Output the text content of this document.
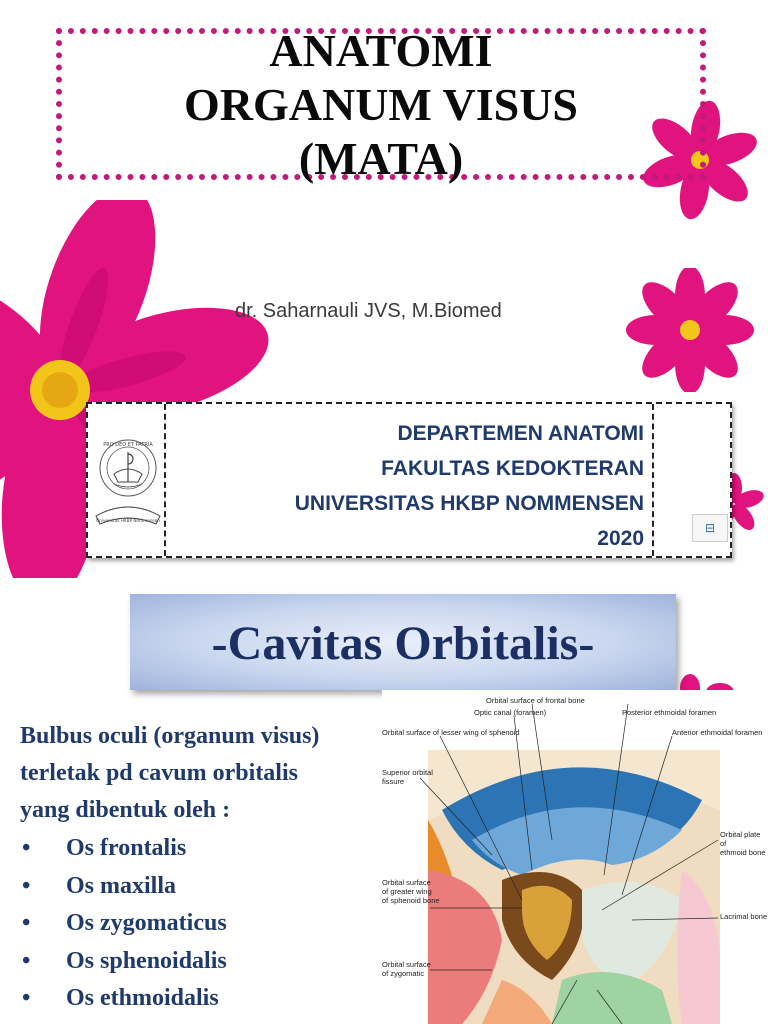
ANATOMI
ORGANUM VISUS
(MATA)
dr. Saharnauli JVS, M.Biomed
PRO DEO ET PATRIA
Universitas HKBP Nommensen
DEPARTEMEN ANATOMI
FAKULTAS KEDOKTERAN
UNIVERSITAS HKBP NOMMENSEN
2020	⊟
-Cavitas Orbitalis-
Bulbus oculi (organum visus)
terletak pd cavum orbitalis
yang dibentuk oleh :
•	Os frontalis
•	Os maxilla
•	Os zygomaticus
•	Os sphenoidalis
•	Os ethmoidalis
Orbital surface of frontal bone
Optic canal (foramen)
Orbital surface of lesser wing of sphenoid
Posterior ethmoidal foramen
Anterior ethmoidal foramen
Superior orbital
fissure
Orbital plate of
ethmoid bone
Orbital surface
of greater wing
of sphenoid bone
Lacrimal bone
Orbital surface
of zygomatic
